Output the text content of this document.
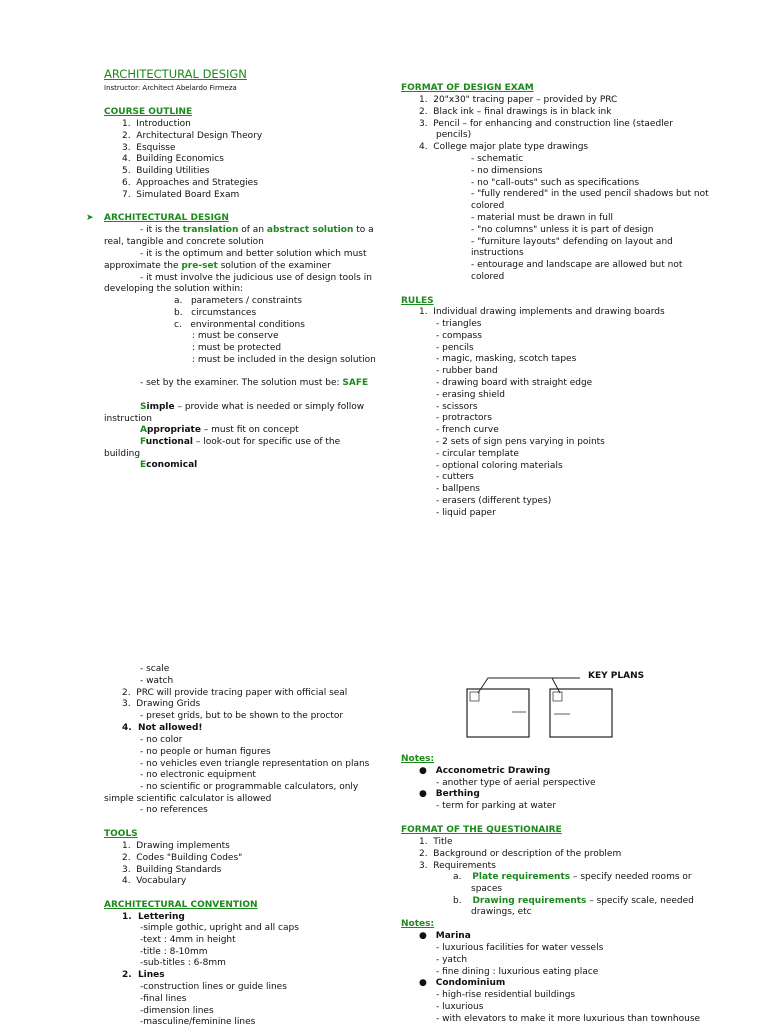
ARCHITECTURAL DESIGN
Instructor: Architect Abelardo Firmeza
COURSE OUTLINE
1.  Introduction
2.  Architectural Design Theory
3.  Esquisse
4.  Building Economics
5.  Building Utilities
6.  Approaches and Strategies
7.  Simulated Board Exam
➤ ARCHITECTURAL DESIGN
- it is the translation of an abstract solution to a
real, tangible and concrete solution
- it is the optimum and better solution which must
approximate the pre-set solution of the examiner
- it must involve the judicious use of design tools in
developing the solution within:
a.   parameters / constraints
b.   circumstances
c.   environmental conditions
: must be conserve
: must be protected
: must be included in the design solution
- set by the examiner. The solution must be: SAFE
Simple – provide what is needed or simply follow
instruction
Appropriate – must fit on concept
Functional – look-out for specific use of the
building
Economical
FORMAT OF DESIGN EXAM
1.  20"x30" tracing paper – provided by PRC
2.  Black ink – final drawings is in black ink
3.  Pencil – for enhancing and construction line (staedler
pencils)
4.  College major plate type drawings
- schematic
- no dimensions
- no "call-outs" such as specifications
- "fully rendered" in the used pencil shadows but not
colored
- material must be drawn in full
- "no columns" unless it is part of design
- "furniture layouts" defending on layout and
instructions
- entourage and landscape are allowed but not
colored
RULES
1.  Individual drawing implements and drawing boards
- triangles
- compass
- pencils
- magic, masking, scotch tapes
- rubber band
- drawing board with straight edge
- erasing shield
- scissors
- protractors
- french curve
- 2 sets of sign pens varying in points
- circular template
- optional coloring materials
- cutters
- ballpens
- erasers (different types)
- liquid paper
- scale
- watch
2.  PRC will provide tracing paper with official seal
3.  Drawing Grids
- preset grids, but to be shown to the proctor
4.  Not allowed!
- no color
- no people or human figures
- no vehicles even triangle representation on plans
- no electronic equipment
- no scientific or programmable calculators, only
simple scientific calculator is allowed
- no references
TOOLS
1.  Drawing implements
2.  Codes "Building Codes"
3.  Building Standards
4.  Vocabulary
ARCHITECTURAL CONVENTION
1.  Lettering
-simple gothic, upright and all caps
-text : 4mm in height
-title : 8-10mm
-sub-titles : 6-8mm
2.  Lines
-construction lines or guide lines
-final lines
-dimension lines
-masculine/feminine lines
KEY PLANS
Notes:
● Acconometric Drawing
- another type of aerial perspective
● Berthing
- term for parking at water
FORMAT OF THE QUESTIONAIRE
1.  Title
2.  Background or description of the problem
3.  Requirements
a. Plate requirements – specify needed rooms or
spaces
b. Drawing requirements – specify scale, needed
drawings, etc
Notes:
● Marina
- luxurious facilities for water vessels
- yatch
- fine dining : luxurious eating place
● Condominium
- high-rise residential buildings
- luxurious
- with elevators to make it more luxurious than townhouse
